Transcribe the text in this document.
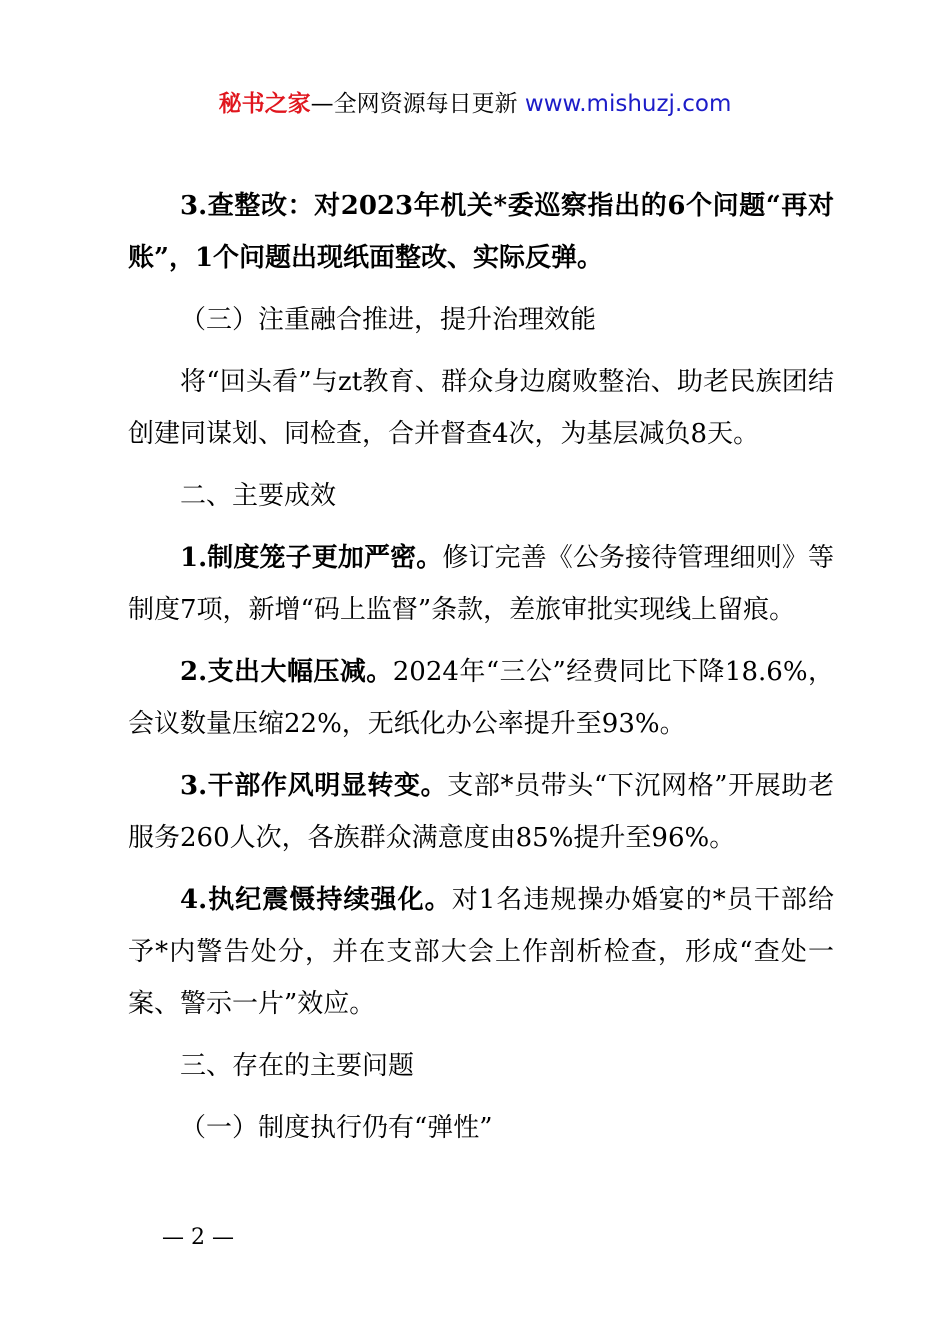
秘书之家—全网资源每日更新 www.mishuzj.com

3.查整改：对2023年机关*委巡察指出的6个问题“再对账”，1个问题出现纸面整改、实际反弹。

（三）注重融合推进，提升治理效能

将“回头看”与zt教育、群众身边腐败整治、助老民族团结创建同谋划、同检查，合并督查4次，为基层减负8天。

二、主要成效

1.制度笼子更加严密。修订完善《公务接待管理细则》等制度7项，新增“码上监督”条款，差旅审批实现线上留痕。

2.支出大幅压减。2024年“三公”经费同比下降18.6%，会议数量压缩22%，无纸化办公率提升至93%。

3.干部作风明显转变。支部*员带头“下沉网格”开展助老服务260人次，各族群众满意度由85%提升至96%。

4.执纪震慑持续强化。对1名违规操办婚宴的*员干部给予*内警告处分，并在支部大会上作剖析检查，形成“查处一案、警示一片”效应。

三、存在的主要问题

（一）制度执行仍有“弹性”

— 2 —
